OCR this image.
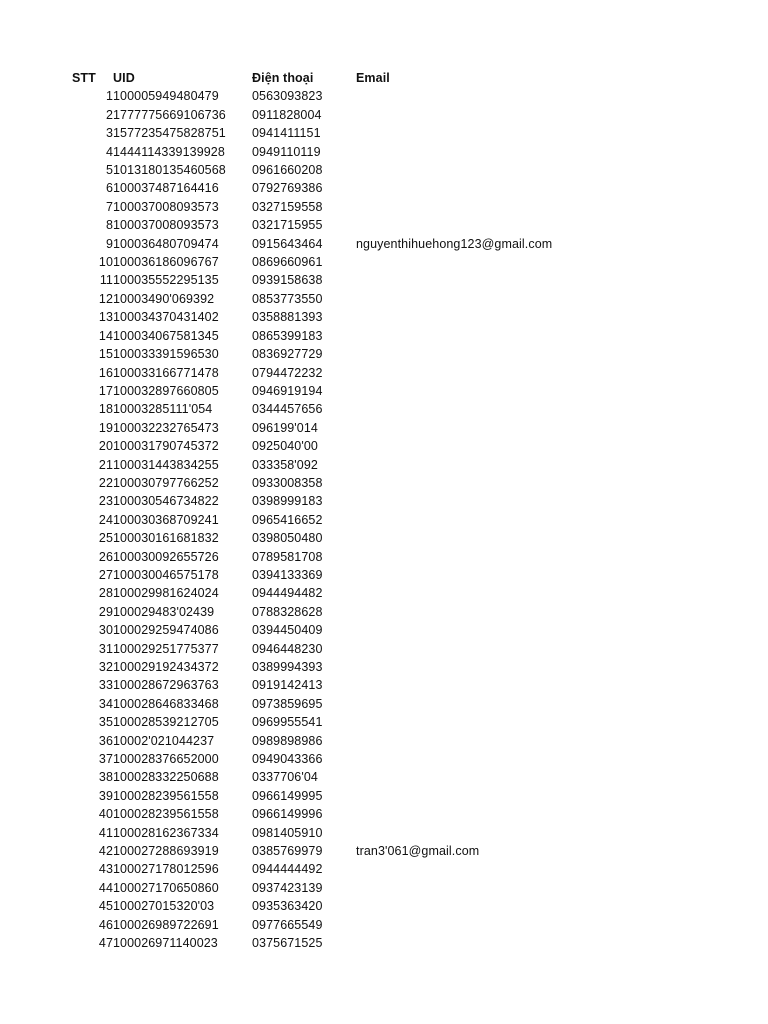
STT	UID	Điện thoại	Email
1	100005949480479	0563093823	
2	1777775669106736	0911828004	
3	1577235475828751	0941411151	
4	1444114339139928	0949110119	
5	1013180135460568	0961660208	
6	100037487164416	0792769386	
7	100037008093573	0327159558	
8	100037008093573	0321715955	
9	100036480709474	0915643464	nguyenthihuehong123@gmail.com
10	100036186096767	0869660961	
11	100035552295135	0939158638	
12	10003490'069392	0853773550	
13	100034370431402	0358881393	
14	100034067581345	0865399183	
15	100033391596530	0836927729	
16	100033166771478	0794472232	
17	100032897660805	0946919194	
18	10003285111'054	0344457656	
19	100032232765473	096199'014	
20	100031790745372	0925040'00	
21	100031443834255	033358'092	
22	100030797766252	0933008358	
23	100030546734822	0398999183	
24	100030368709241	0965416652	
25	100030161681832	0398050480	
26	100030092655726	0789581708	
27	100030046575178	0394133369	
28	100029981624024	0944494482	
29	100029483'02439	0788328628	
30	100029259474086	0394450409	
31	100029251775377	0946448230	
32	100029192434372	0389994393	
33	100028672963763	0919142413	
34	100028646833468	0973859695	
35	100028539212705	0969955541	
36	10002'021044237	0989898986	
37	100028376652000	0949043366	
38	100028332250688	0337706'04	
39	100028239561558	0966149995	
40	100028239561558	0966149996	
41	100028162367334	0981405910	
42	100027288693919	0385769979	tran3'061@gmail.com
43	100027178012596	0944444492	
44	100027170650860	0937423139	
45	100027015320'03	0935363420	
46	100026989722691	0977665549	
47	100026971140023	0375671525	
